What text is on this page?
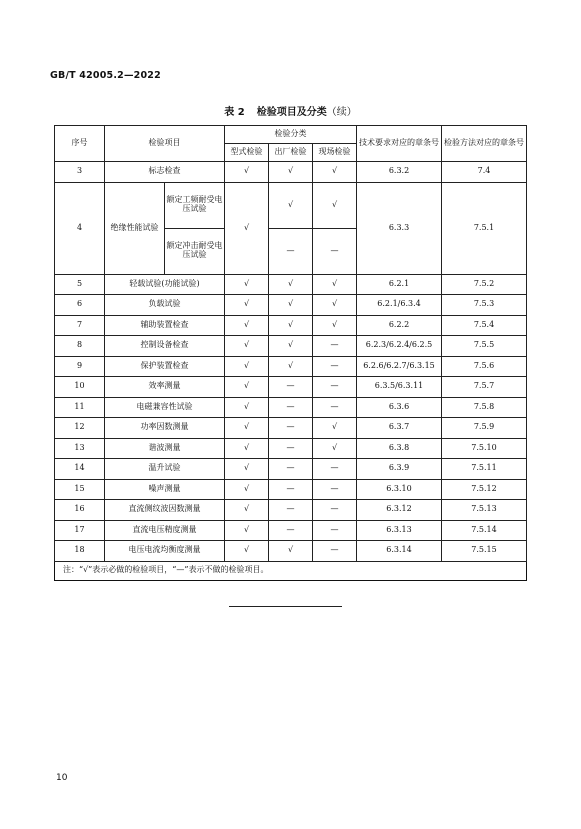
GB/T 42005.2—2022
表 2 检验项目及分类（续）
序号	检验项目		检验分类			技术要求对应的章条号	检验方法对应的章条号
			型式检验	出厂检验	现场检验		
3	标志检查		√	√	√	6.3.2	7.4
4	绝缘性能试验	额定工频耐受电压试验	√	√	√	6.3.3	7.5.1
		额定冲击耐受电压试验		—	—		
5	轻载试验(功能试验)		√	√	√	6.2.1	7.5.2
6	负载试验		√	√	√	6.2.1/6.3.4	7.5.3
7	辅助装置检查		√	√	√	6.2.2	7.5.4
8	控制设备检查		√	√	—	6.2.3/6.2.4/6.2.5	7.5.5
9	保护装置检查		√	√	—	6.2.6/6.2.7/6.3.15	7.5.6
10	效率测量		√	—	—	6.3.5/6.3.11	7.5.7
11	电磁兼容性试验		√	—	—	6.3.6	7.5.8
12	功率因数测量		√	—	√	6.3.7	7.5.9
13	谐波测量		√	—	√	6.3.8	7.5.10
14	温升试验		√	—	—	6.3.9	7.5.11
15	噪声测量		√	—	—	6.3.10	7.5.12
16	直流侧纹波因数测量		√	—	—	6.3.12	7.5.13
17	直流电压精度测量		√	—	—	6.3.13	7.5.14
18	电压电流均衡度测量		√	√	—	6.3.14	7.5.15
注：“√”表示必做的检验项目，“—”表示不做的检验项目。							
10
